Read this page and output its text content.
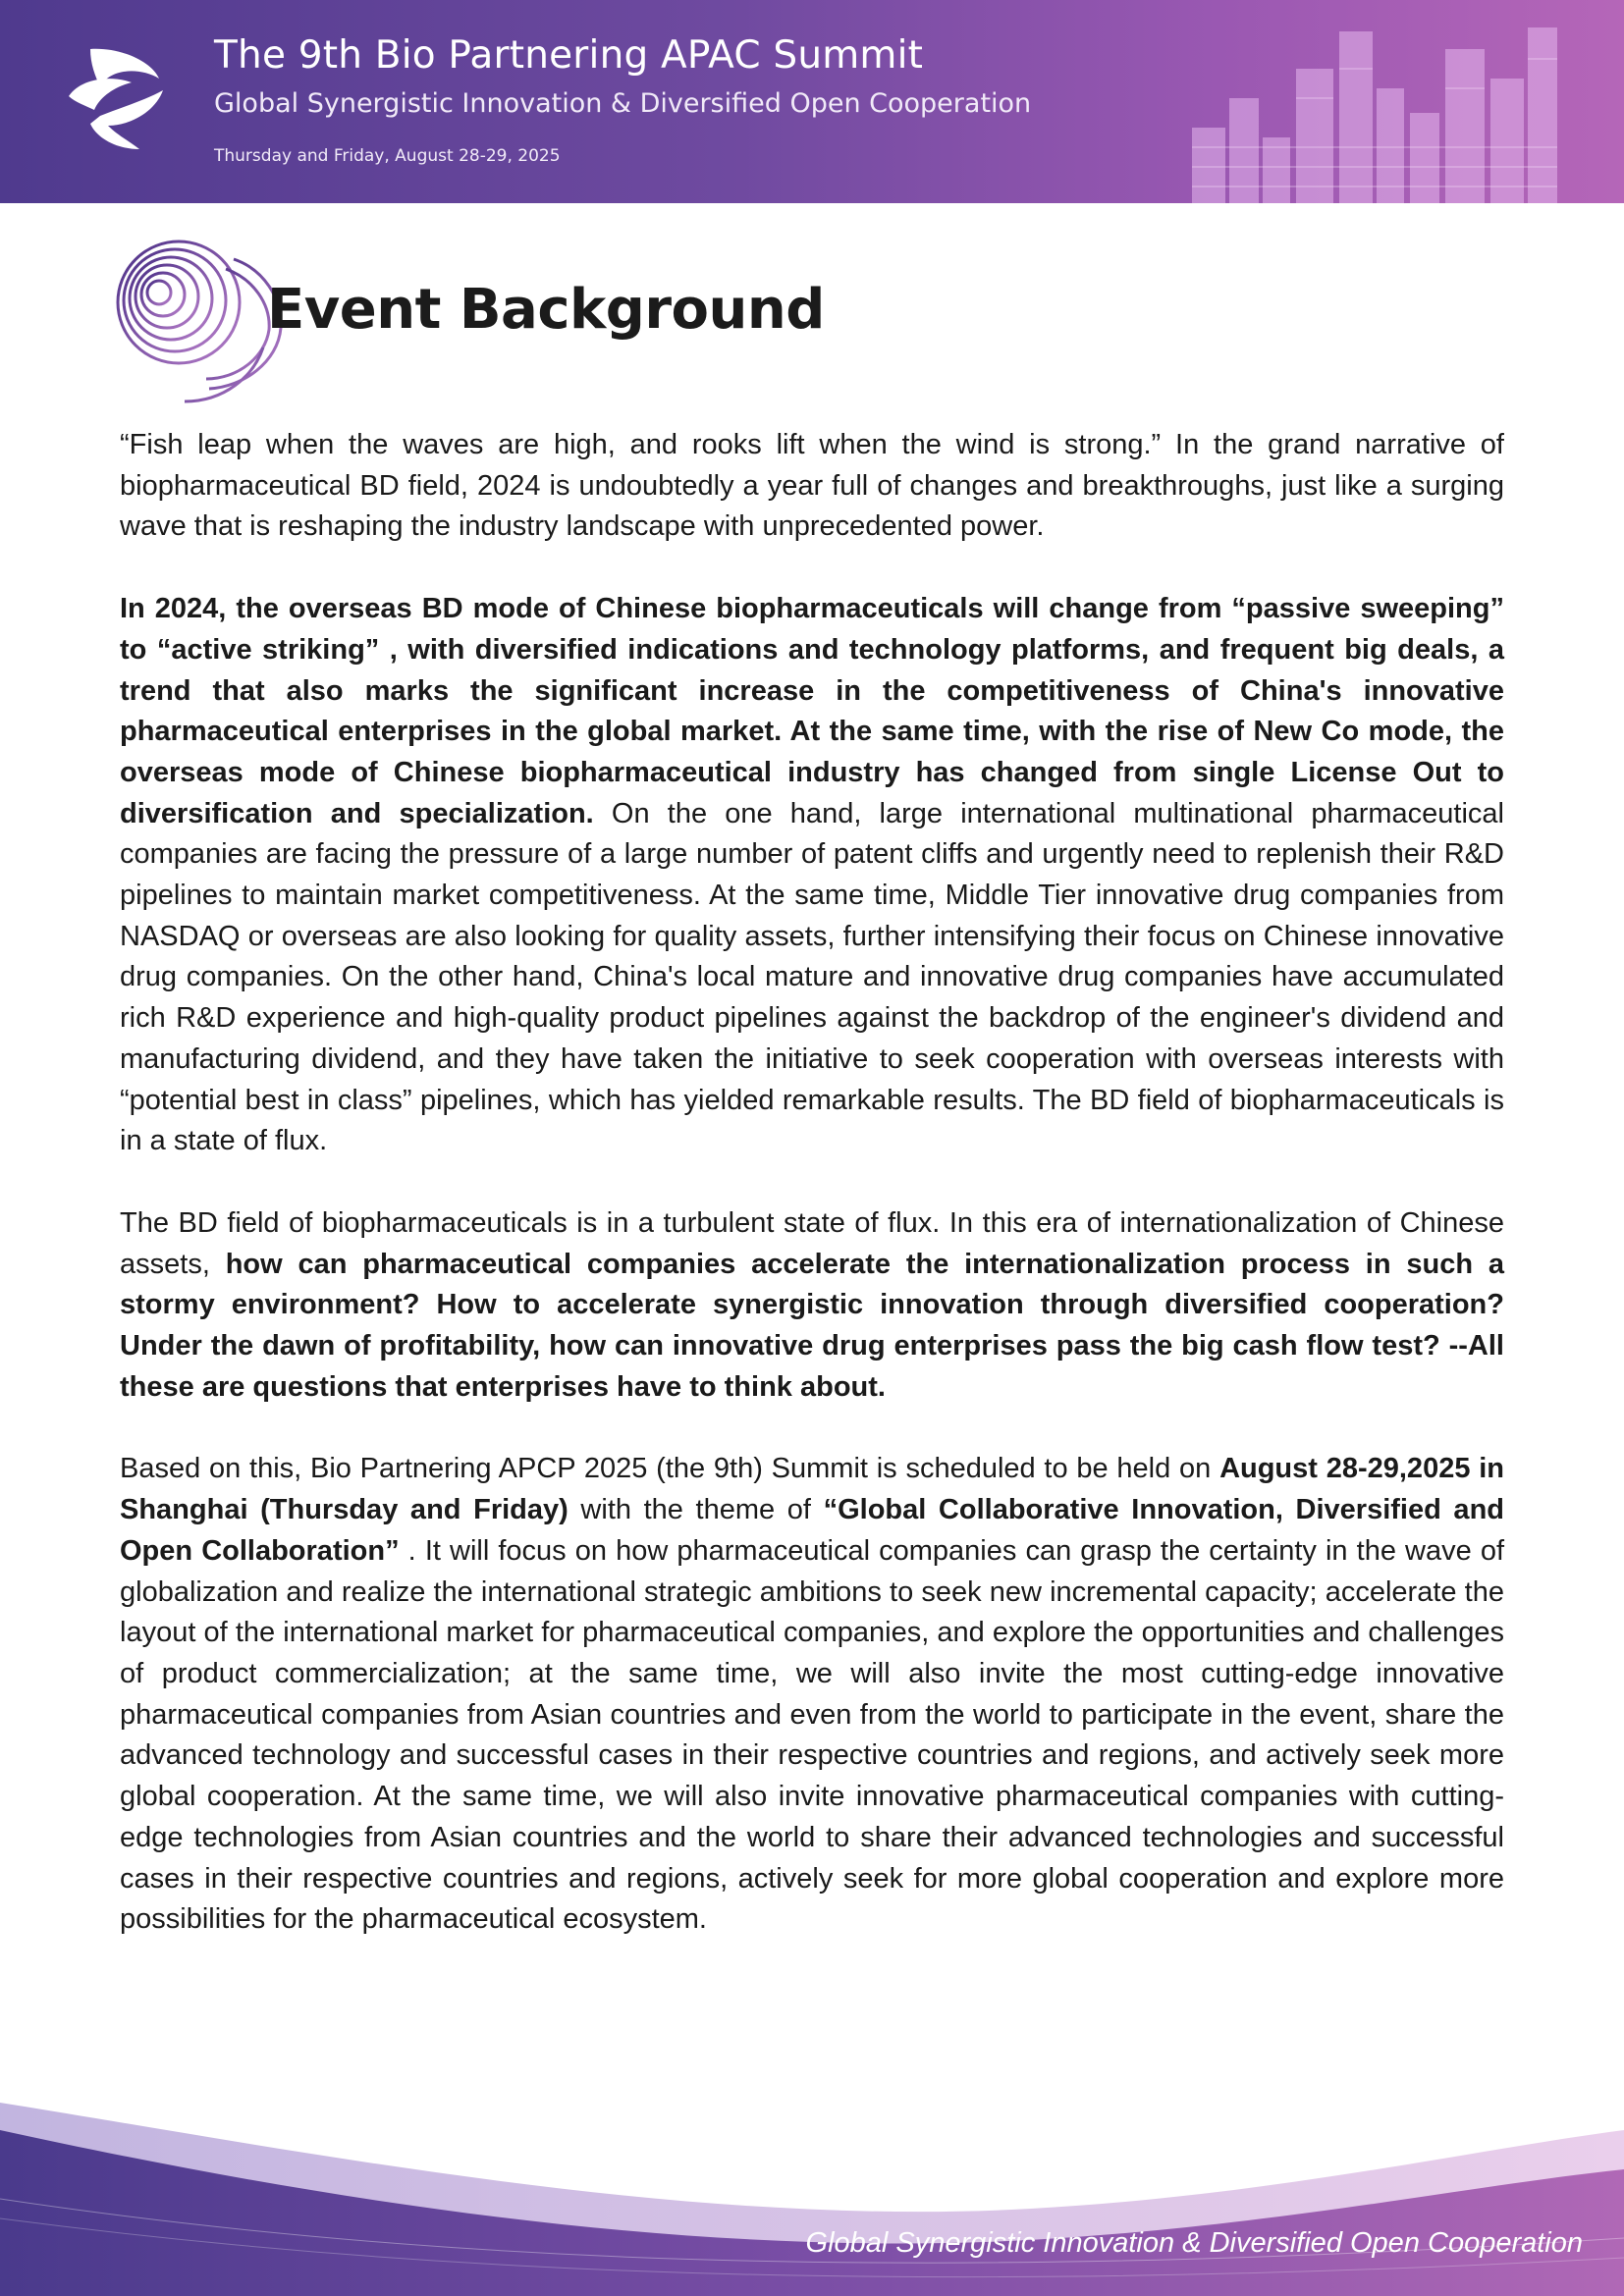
The 9th Bio Partnering APAC Summit
Global Synergistic Innovation & Diversified Open Cooperation
Thursday and Friday, August 28-29, 2025
Event Background

“Fish leap when the waves are high, and rooks lift when the wind is strong.” In the grand narrative of biopharmaceutical BD field, 2024 is undoubtedly a year full of changes and breakthroughs, just like a surging wave that is reshaping the industry landscape with unprecedented power.

In 2024, the overseas BD mode of Chinese biopharmaceuticals will change from “passive sweeping” to “active striking” , with diversified indications and technology platforms, and frequent big deals, a trend that also marks the significant increase in the competitiveness of China's innovative pharmaceutical enterprises in the global market. At the same time, with the rise of New Co mode, the overseas mode of Chinese biopharmaceutical industry has changed from single License Out to diversification and specialization. On the one hand, large international multinational pharmaceutical companies are facing the pressure of a large number of patent cliffs and urgently need to replenish their R&D pipelines to maintain market competitiveness. At the same time, Middle Tier innovative drug companies from NASDAQ or overseas are also looking for quality assets, further intensifying their focus on Chinese innovative drug companies. On the other hand, China's local mature and innovative drug companies have accumulated rich R&D experience and high-quality product pipelines against the backdrop of the engineer's dividend and manufacturing dividend, and they have taken the initiative to seek cooperation with overseas interests with “potential best in class” pipelines, which has yielded remarkable results. The BD field of biopharmaceuticals is in a state of flux.

The BD field of biopharmaceuticals is in a turbulent state of flux. In this era of internationalization of Chinese assets, how can pharmaceutical companies accelerate the internationalization process in such a stormy environment? How to accelerate synergistic innovation through diversified cooperation? Under the dawn of profitability, how can innovative drug enterprises pass the big cash flow test? --All these are questions that enterprises have to think about.

Based on this, Bio Partnering APCP 2025 (the 9th) Summit is scheduled to be held on August 28-29,2025 in Shanghai (Thursday and Friday) with the theme of “Global Collaborative Innovation, Diversified and Open Collaboration” . It will focus on how pharmaceutical companies can grasp the certainty in the wave of globalization and realize the international strategic ambitions to seek new incremental capacity; accelerate the layout of the international market for pharmaceutical companies, and explore the opportunities and challenges of product commercialization; at the same time, we will also invite the most cutting-edge innovative pharmaceutical companies from Asian countries and even from the world to participate in the event, share the advanced technology and successful cases in their respective countries and regions, and actively seek more global cooperation. At the same time, we will also invite innovative pharmaceutical companies with cutting-edge technologies from Asian countries and the world to share their advanced technologies and successful cases in their respective countries and regions, actively seek for more global cooperation and explore more possibilities for the pharmaceutical ecosystem.

Global Synergistic Innovation & Diversified Open Cooperation
